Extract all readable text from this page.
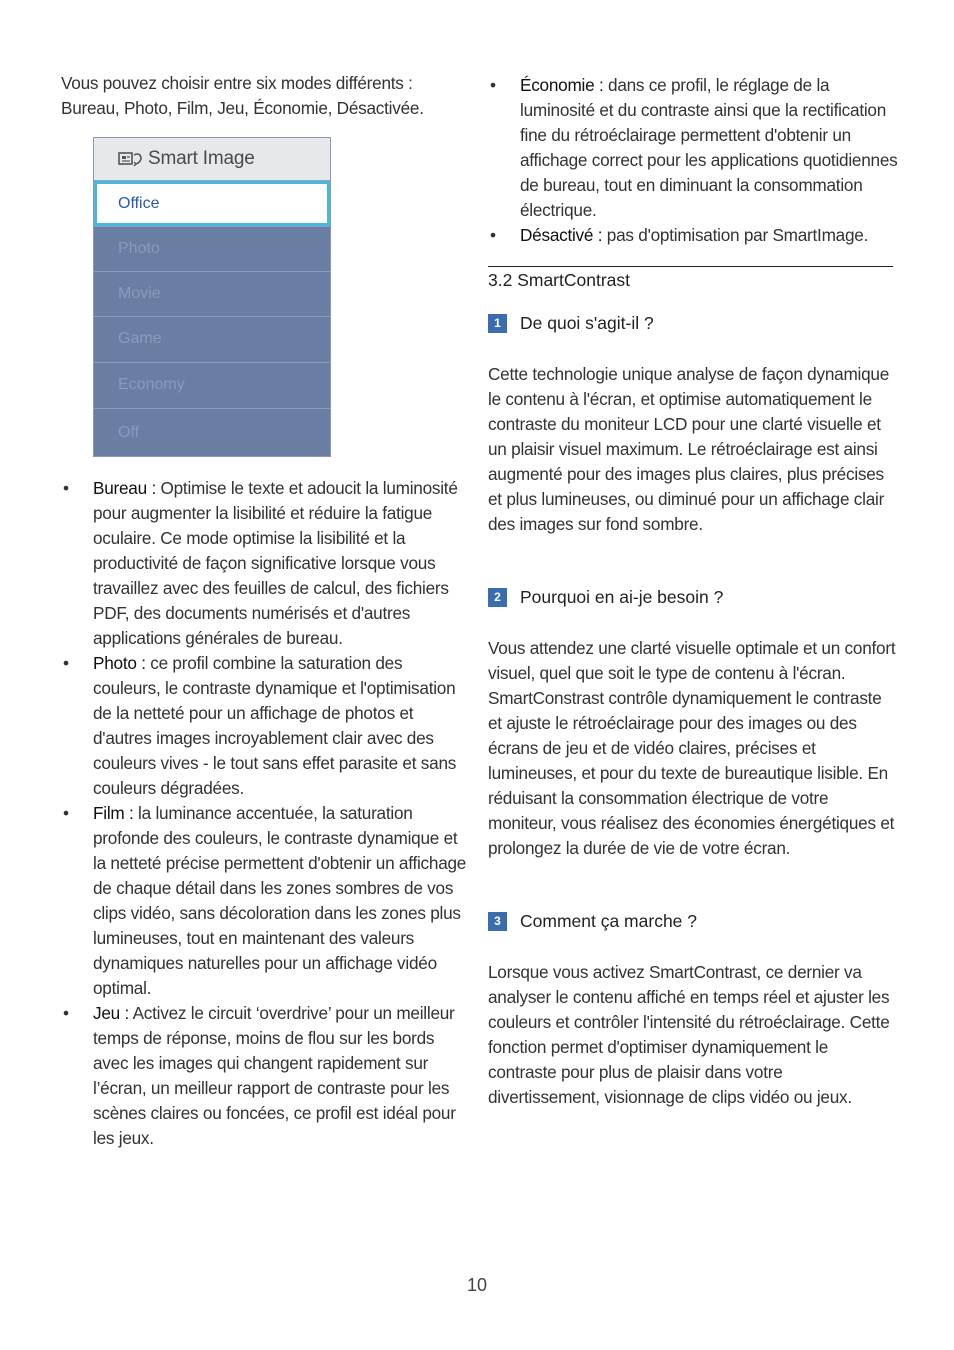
Vous pouvez choisir entre six modes différents : Bureau, Photo, Film, Jeu, Économie, Désactivée.

Smart Image
Office
Photo
Movie
Game
Economy
Off
• Bureau : Optimise le texte et adoucit la luminosité pour augmenter la lisibilité et réduire la fatigue oculaire. Ce mode optimise la lisibilité et la productivité de façon significative lorsque vous travaillez avec des feuilles de calcul, des fichiers PDF, des documents numérisés et d'autres applications générales de bureau.
• Photo : ce profil combine la saturation des couleurs, le contraste dynamique et l'optimisation de la netteté pour un affichage de photos et d'autres images incroyablement clair avec des couleurs vives - le tout sans effet parasite et sans couleurs dégradées.
• Film : la luminance accentuée, la saturation profonde des couleurs, le contraste dynamique et la netteté précise permettent d'obtenir un affichage de chaque détail dans les zones sombres de vos clips vidéo, sans décoloration dans les zones plus lumineuses, tout en maintenant des valeurs dynamiques naturelles pour un affichage vidéo optimal.
• Jeu : Activez le circuit ‘overdrive’ pour un meilleur temps de réponse, moins de flou sur les bords avec les images qui changent rapidement sur l’écran, un meilleur rapport de contraste pour les scènes claires ou foncées, ce profil est idéal pour les jeux.
• Économie : dans ce profil, le réglage de la luminosité et du contraste ainsi que la rectification fine du rétroéclairage permettent d'obtenir un affichage correct pour les applications quotidiennes de bureau, tout en diminuant la consommation électrique.
• Désactivé : pas d'optimisation par SmartImage.
3.2 SmartContrast
1	De quoi s'agit-il ?

Cette technologie unique analyse de façon dynamique le contenu à l'écran, et optimise automatiquement le contraste du moniteur LCD pour une clarté visuelle et un plaisir visuel maximum. Le rétroéclairage est ainsi augmenté pour des images plus claires, plus précises et plus lumineuses, ou diminué pour un affichage clair des images sur fond sombre.

2	Pourquoi en ai-je besoin ?

Vous attendez une clarté visuelle optimale et un confort visuel, quel que soit le type de contenu à l'écran. SmartConstrast contrôle dynamiquement le contraste et ajuste le rétroéclairage pour des images ou des écrans de jeu et de vidéo claires, précises et lumineuses, et pour du texte de bureautique lisible. En réduisant la consommation électrique de votre moniteur, vous réalisez des économies énergétiques et prolongez la durée de vie de votre écran.

3	Comment ça marche ?

Lorsque vous activez SmartContrast, ce dernier va analyser le contenu affiché en temps réel et ajuster les couleurs et contrôler l'intensité du rétroéclairage. Cette fonction permet d'optimiser dynamiquement le contraste pour plus de plaisir dans votre divertissement, visionnage de clips vidéo ou jeux.

10
